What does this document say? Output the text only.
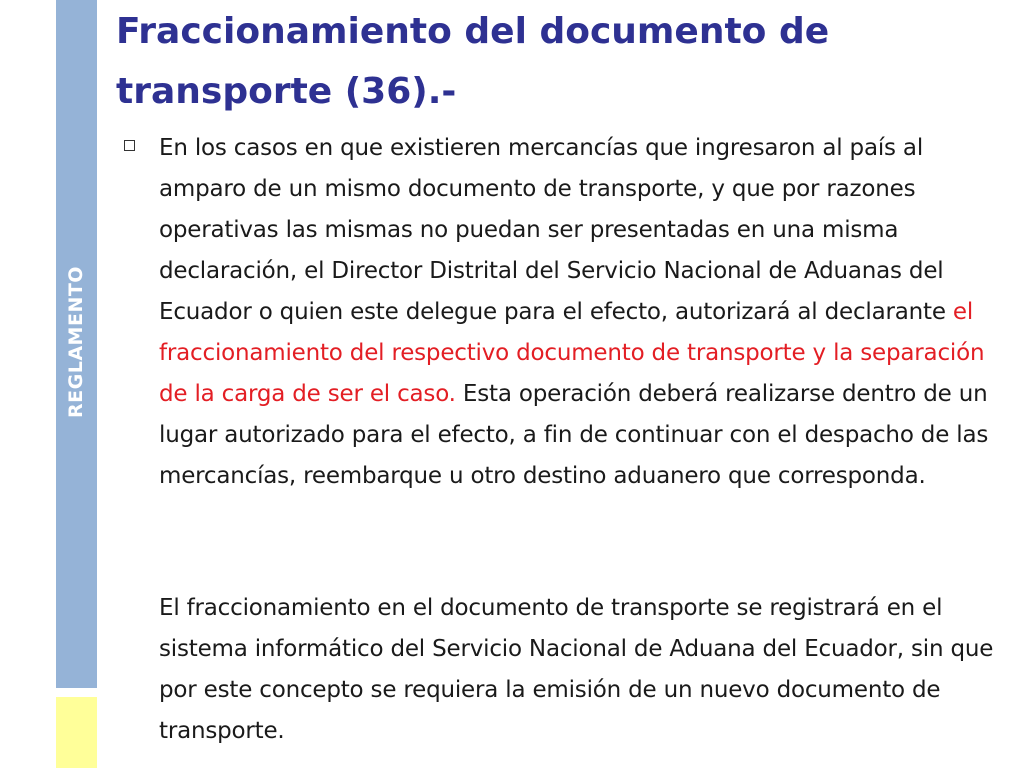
REGLAMENTO
Fraccionamiento del documento de transporte (36).-

En los casos en que existieren mercancías que ingresaron al país al amparo de un mismo documento de transporte, y que por razones operativas las mismas no puedan ser presentadas en una misma declaración, el Director Distrital del Servicio Nacional de Aduanas del Ecuador o quien este delegue para el efecto, autorizará al declarante el fraccionamiento del respectivo documento de transporte y la separación de la carga de ser el caso. Esta operación deberá realizarse dentro de un lugar autorizado para el efecto, a fin de continuar con el despacho de las mercancías, reembarque u otro destino aduanero que corresponda.

El fraccionamiento en el documento de transporte se registrará en el sistema informático del Servicio Nacional de Aduana del Ecuador, sin que por este concepto se requiera la emisión de un nuevo documento de transporte.
